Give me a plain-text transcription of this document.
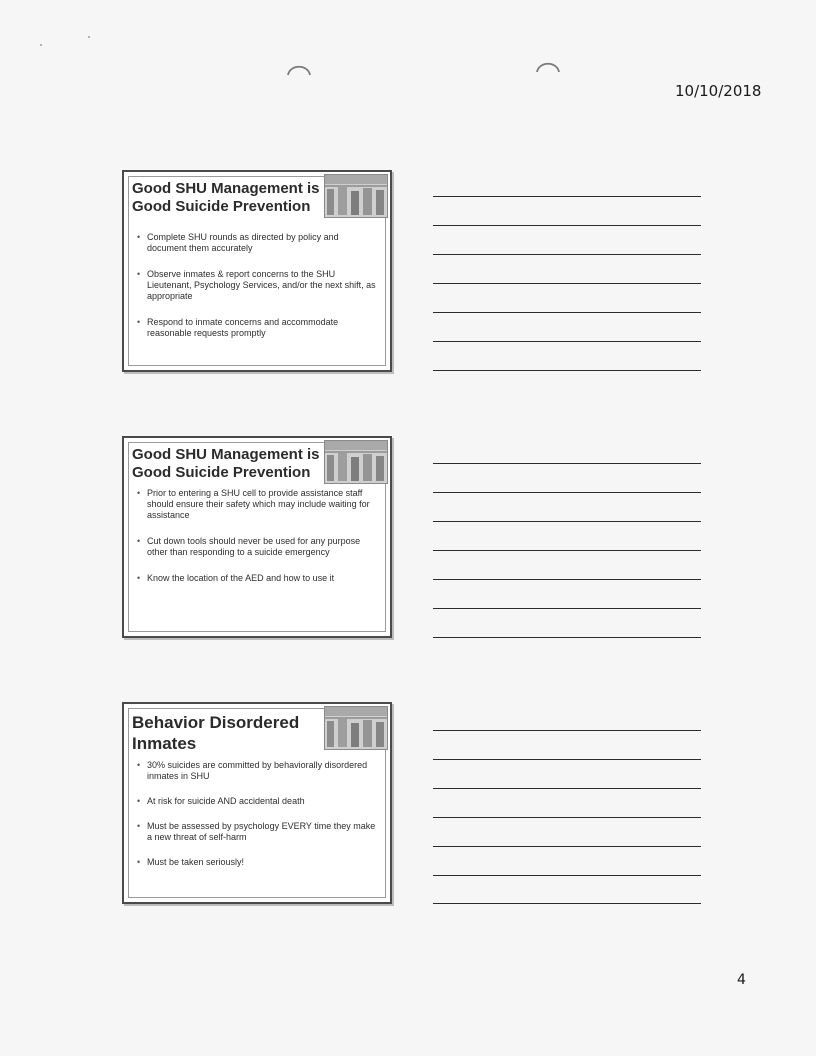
10/10/2018
Good SHU Management is Good Suicide Prevention
• Complete SHU rounds as directed by policy and document them accurately
• Observe inmates & report concerns to the SHU Lieutenant, Psychology Services, and/or the next shift, as appropriate
• Respond to inmate concerns and accommodate reasonable requests promptly
Good SHU Management is Good Suicide Prevention
• Prior to entering a SHU cell to provide assistance staff should ensure their safety which may include waiting for assistance
• Cut down tools should never be used for any purpose other than responding to a suicide emergency
• Know the location of the AED and how to use it
Behavior Disordered Inmates
• 30% suicides are committed by behaviorally disordered inmates in SHU
• At risk for suicide AND accidental death
• Must be assessed by psychology EVERY time they make a new threat of self-harm
• Must be taken seriously!
4
